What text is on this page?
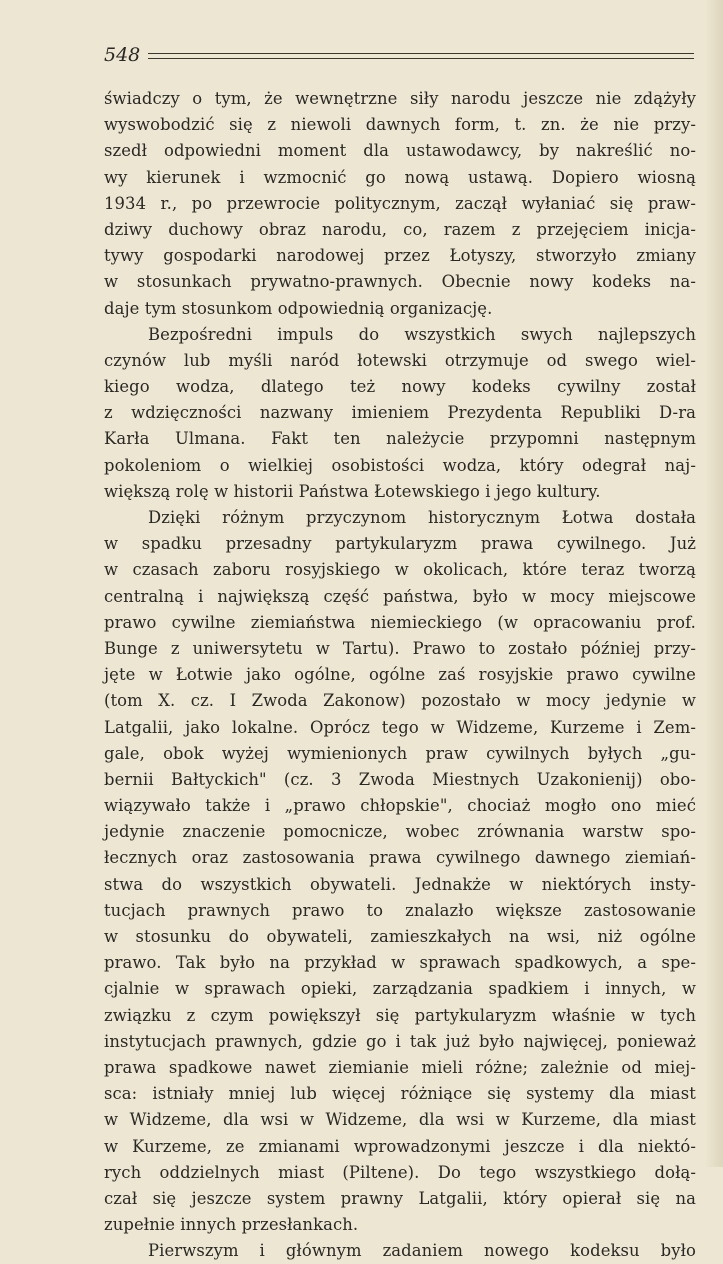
548
świadczy o tym, że wewnętrzne siły narodu jeszcze nie zdążyły
wyswobodzić się z niewoli dawnych form, t. zn. że nie przy-
szedł odpowiedni moment dla ustawodawcy, by nakreślić no-
wy kierunek i wzmocnić go nową ustawą. Dopiero wiosną
1934 r., po przewrocie politycznym, zaczął wyłaniać się praw-
dziwy duchowy obraz narodu, co, razem z przejęciem inicja-
tywy gospodarki narodowej przez Łotyszy, stworzyło zmiany
w stosunkach prywatno-prawnych. Obecnie nowy kodeks na-
daje tym stosunkom odpowiednią organizację.
Bezpośredni impuls do wszystkich swych najlepszych
czynów lub myśli naród łotewski otrzymuje od swego wiel-
kiego wodza, dlatego też nowy kodeks cywilny został
z wdzięczności nazwany imieniem Prezydenta Republiki D-ra
Karła Ulmana. Fakt ten należycie przypomni następnym
pokoleniom o wielkiej osobistości wodza, który odegrał naj-
większą rolę w historii Państwa Łotewskiego i jego kultury.
Dzięki różnym przyczynom historycznym Łotwa dostała
w spadku przesadny partykularyzm prawa cywilnego. Już
w czasach zaboru rosyjskiego w okolicach, które teraz tworzą
centralną i największą część państwa, było w mocy miejscowe
prawo cywilne ziemiaństwa niemieckiego (w opracowaniu prof.
Bunge z uniwersytetu w Tartu). Prawo to zostało później przy-
jęte w Łotwie jako ogólne, ogólne zaś rosyjskie prawo cywilne
(tom X. cz. I Zwoda Zakonow) pozostało w mocy jedynie w
Latgalii, jako lokalne. Oprócz tego w Widzeme, Kurzeme i Zem-
gale, obok wyżej wymienionych praw cywilnych byłych „gu-
bernii Bałtyckich" (cz. 3 Zwoda Miestnych Uzakonienij) obo-
wiązywało także i „prawo chłopskie", chociaż mogło ono mieć
jedynie znaczenie pomocnicze, wobec zrównania warstw spo-
łecznych oraz zastosowania prawa cywilnego dawnego ziemiań-
stwa do wszystkich obywateli. Jednakże w niektórych insty-
tucjach prawnych prawo to znalazło większe zastosowanie
w stosunku do obywateli, zamieszkałych na wsi, niż ogólne
prawo. Tak było na przykład w sprawach spadkowych, a spe-
cjalnie w sprawach opieki, zarządzania spadkiem i innych, w
związku z czym powiększył się partykularyzm właśnie w tych
instytucjach prawnych, gdzie go i tak już było najwięcej, ponieważ
prawa spadkowe nawet ziemianie mieli różne; zależnie od miej-
sca: istniały mniej lub więcej różniące się systemy dla miast
w Widzeme, dla wsi w Widzeme, dla wsi w Kurzeme, dla miast
w Kurzeme, ze zmianami wprowadzonymi jeszcze i dla niektó-
rych oddzielnych miast (Piltene). Do tego wszystkiego dołą-
czał się jeszcze system prawny Latgalii, który opierał się na
zupełnie innych przesłankach.
Pierwszym i głównym zadaniem nowego kodeksu było
